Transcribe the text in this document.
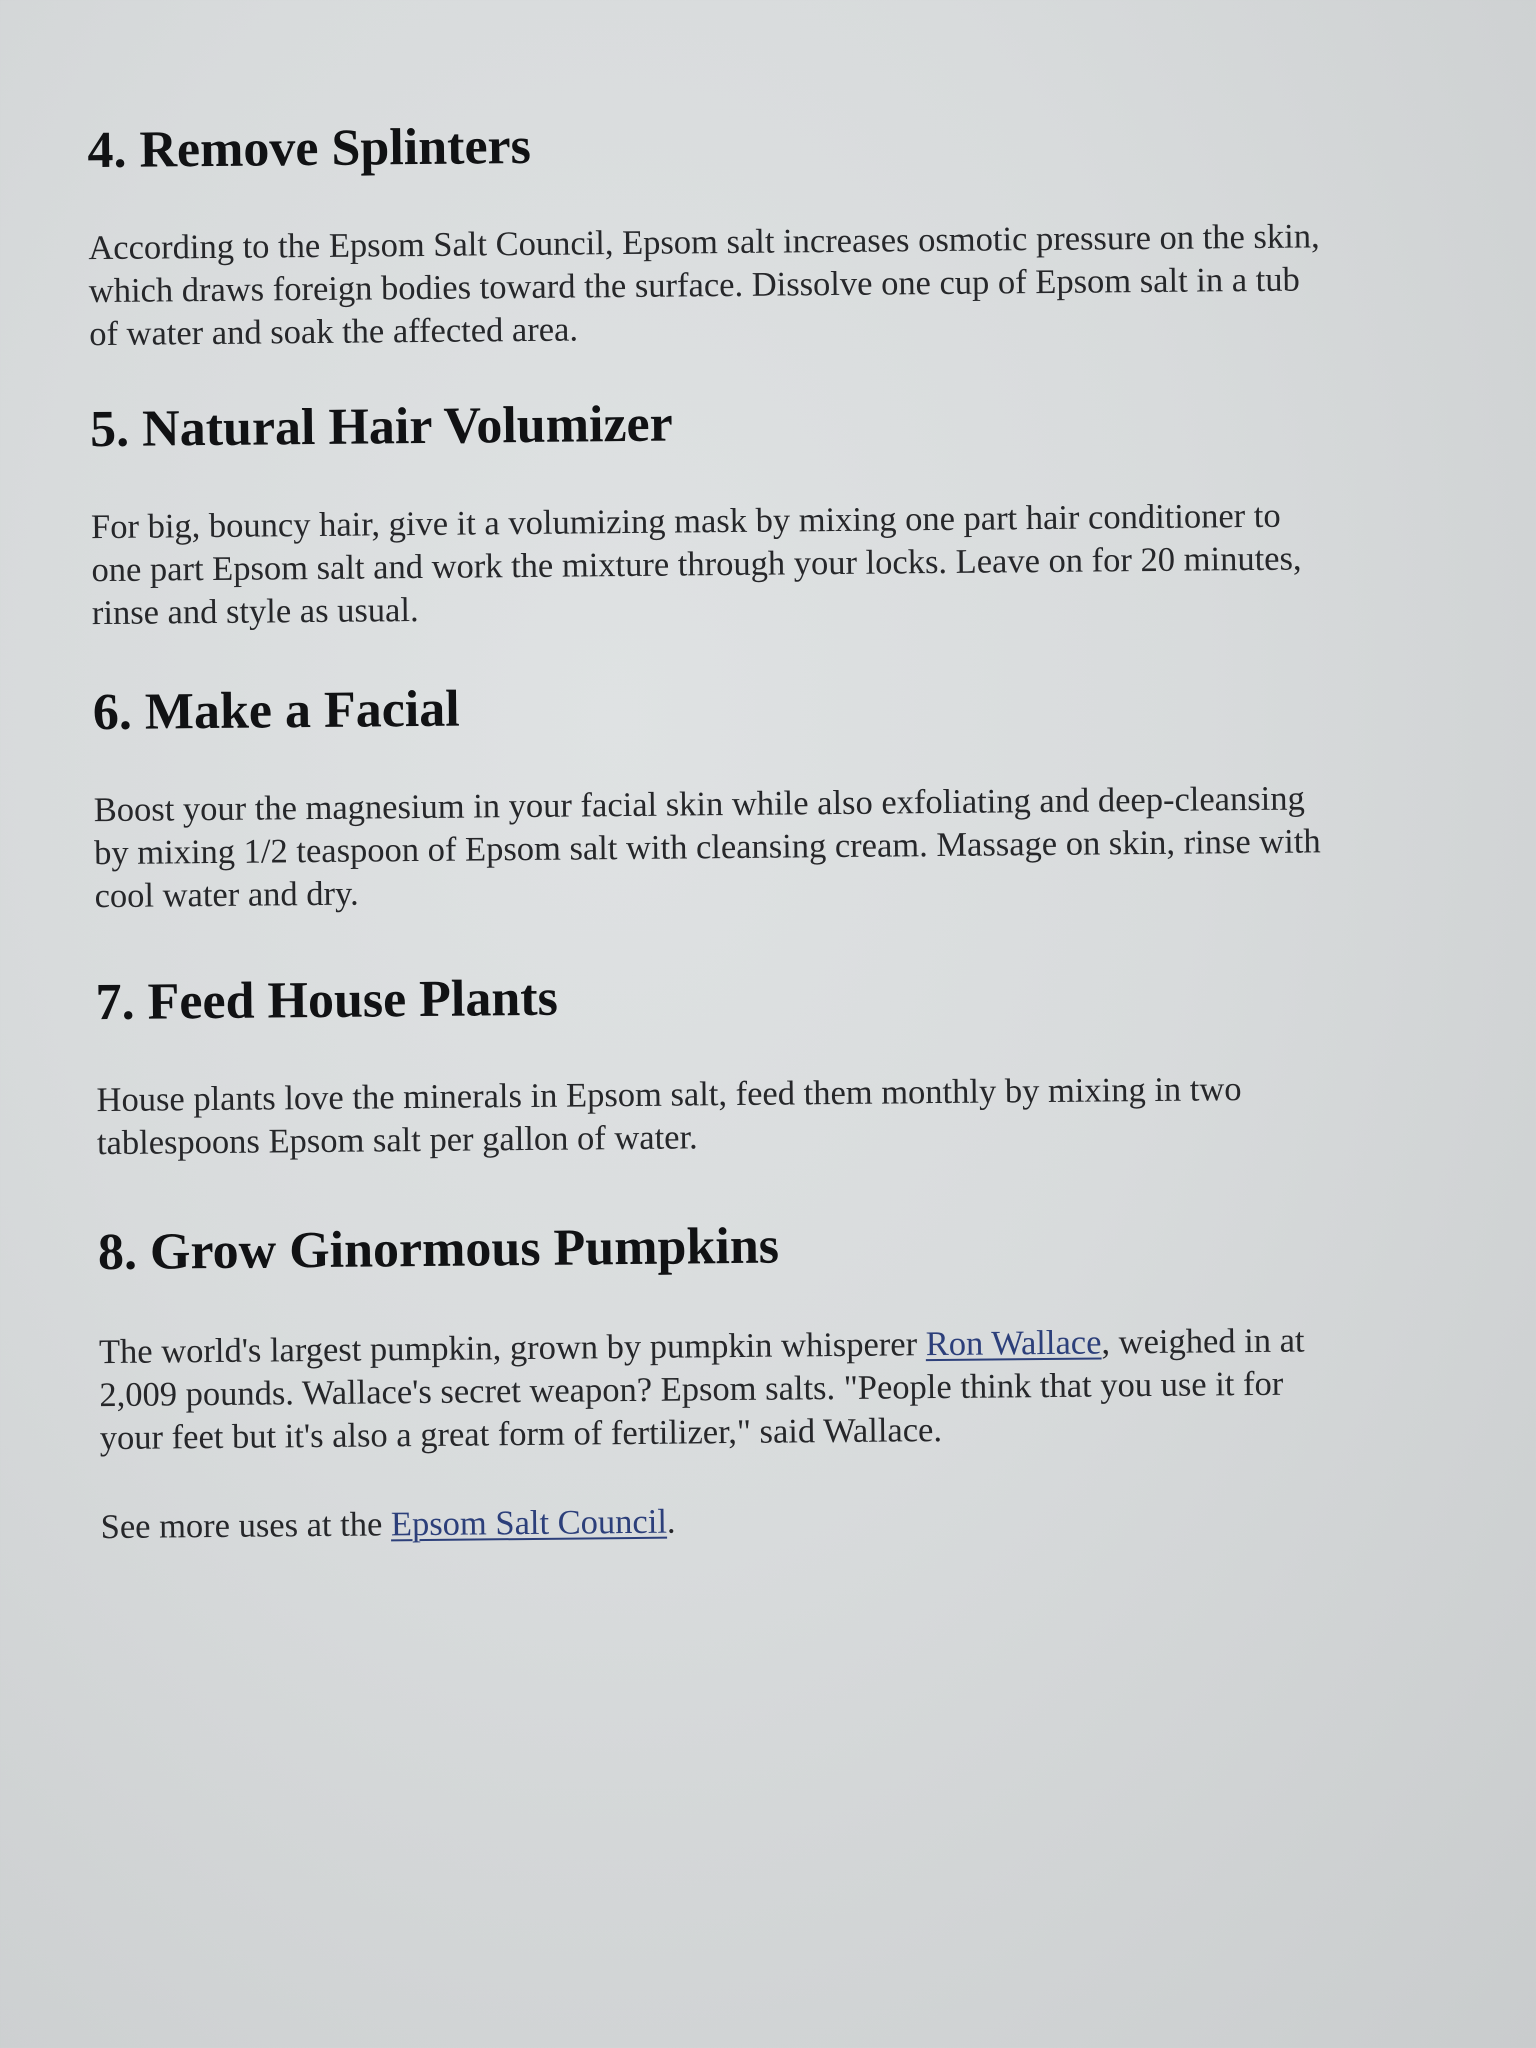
4. Remove Splinters

According to the Epsom Salt Council, Epsom salt increases osmotic pressure on the skin,
which draws foreign bodies toward the surface. Dissolve one cup of Epsom salt in a tub
of water and soak the affected area.

5. Natural Hair Volumizer

For big, bouncy hair, give it a volumizing mask by mixing one part hair conditioner to
one part Epsom salt and work the mixture through your locks. Leave on for 20 minutes,
rinse and style as usual.

6. Make a Facial

Boost your the magnesium in your facial skin while also exfoliating and deep-cleansing
by mixing 1/2 teaspoon of Epsom salt with cleansing cream. Massage on skin, rinse with
cool water and dry.

7. Feed House Plants

House plants love the minerals in Epsom salt, feed them monthly by mixing in two
tablespoons Epsom salt per gallon of water.

8. Grow Ginormous Pumpkins

The world's largest pumpkin, grown by pumpkin whisperer Ron Wallace, weighed in at
2,009 pounds. Wallace's secret weapon? Epsom salts. "People think that you use it for
your feet but it's also a great form of fertilizer," said Wallace.

See more uses at the Epsom Salt Council.
